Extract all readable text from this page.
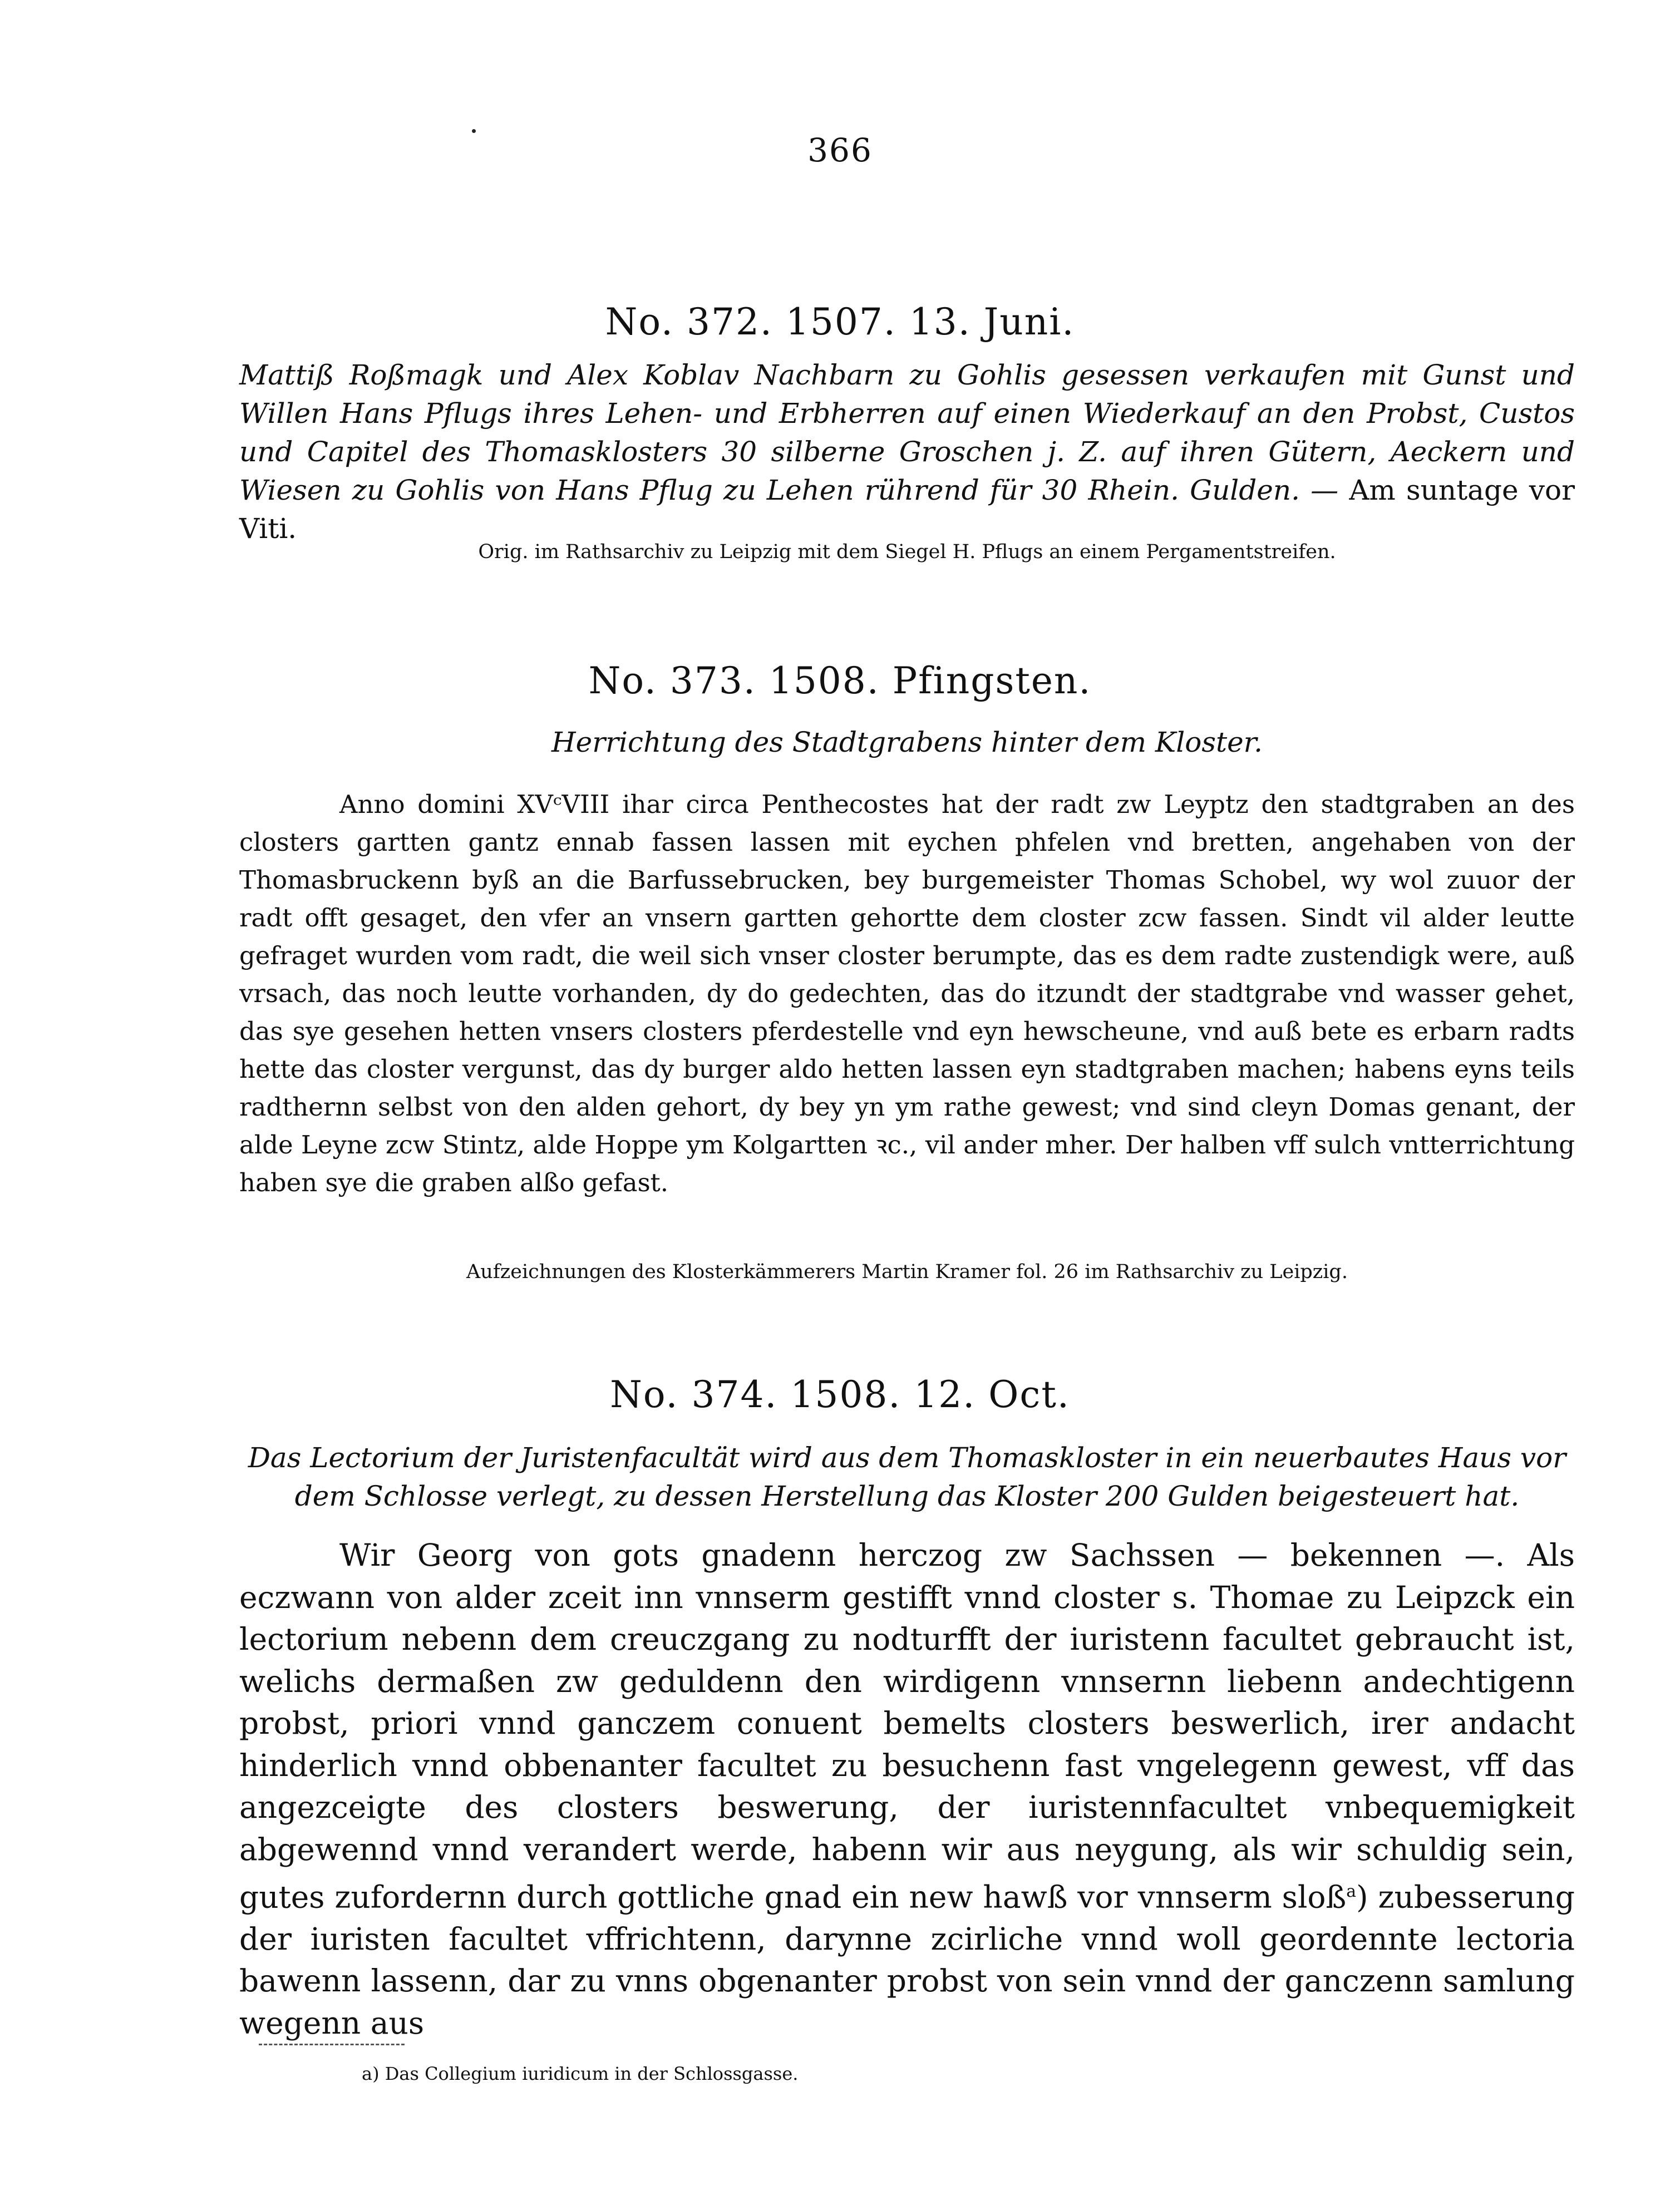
366
No. 372. 1507. 13. Juni.
Mattiß Roßmagk und Alex Koblav Nachbarn zu Gohlis gesessen verkaufen mit Gunst und Willen Hans Pflugs ihres Lehen- und Erbherren auf einen Wiederkauf an den Probst, Custos und Capitel des Thomasklosters 30 silberne Groschen j. Z. auf ihren Gütern, Aeckern und Wiesen zu Gohlis von Hans Pflug zu Lehen rührend für 30 Rhein. Gulden. — Am suntage vor Viti.
Orig. im Rathsarchiv zu Leipzig mit dem Siegel H. Pflugs an einem Pergamentstreifen.
No. 373. 1508. Pfingsten.
Herrichtung des Stadtgrabens hinter dem Kloster.

Anno domini XVᶜVIII ihar circa Penthecostes hat der radt zw Leyptz den stadtgraben an des closters gartten gantz ennab fassen lassen mit eychen phfelen vnd bretten, angehaben von der Thomasbruckenn byß an die Barfussebrucken, bey burgemeister Thomas Schobel, wy wol zuuor der radt offt gesaget, den vfer an vnsern gartten gehortte dem closter zcw fassen. Sindt vil alder leutte gefraget wurden vom radt, die weil sich vnser closter berumpte, das es dem radte zustendigk were, auß vrsach, das noch leutte vorhanden, dy do gedechten, das do itzundt der stadtgrabe vnd wasser gehet, das sye gesehen hetten vnsers closters pferdestelle vnd eyn hewscheune, vnd auß bete es erbarn radts hette das closter vergunst, das dy burger aldo hetten lassen eyn stadtgraben machen; habens eyns teils radthernn selbst von den alden gehort, dy bey yn ym rathe gewest; vnd sind cleyn Domas genant, der alde Leyne zcw Stintz, alde Hoppe ym Kolgartten ꝛc., vil ander mher. Der halben vff sulch vntterrichtung haben sye die graben alßo gefast.

Aufzeichnungen des Klosterkämmerers Martin Kramer fol. 26 im Rathsarchiv zu Leipzig.
No. 374. 1508. 12. Oct.
Das Lectorium der Juristenfacultät wird aus dem Thomaskloster in ein neuerbautes Haus vor dem Schlosse verlegt, zu dessen Herstellung das Kloster 200 Gulden beigesteuert hat.

Wir Georg von gots gnadenn herczog zw Sachssen — bekennen —. Als eczwann von alder zceit inn vnnserm gestifft vnnd closter s. Thomae zu Leipzck ein lectorium nebenn dem creuczgang zu nodturfft der iuristenn facultet gebraucht ist, welichs dermaßen zw geduldenn den wirdigenn vnnsernn liebenn andechtigenn probst, priori vnnd ganczem conuent bemelts closters beswerlich, irer andacht hinderlich vnnd obbenanter facultet zu besuchenn fast vngelegenn gewest, vff das angezceigte des closters beswerung, der iuristennfacultet vnbequemigkeit abgewennd vnnd verandert werde, habenn wir aus neygung, als wir schuldig sein, gutes zufordernn durch gottliche gnad ein new hawß vor vnnserm sloß$^a$) zubesserung der iuristen facultet vffrichtenn, darynne zcirliche vnnd woll geordennte lectoria bawenn lassenn, dar zu vnns obgenanter probst von sein vnnd der ganczenn samlung wegenn aus

a) Das Collegium iuridicum in der Schlossgasse.
